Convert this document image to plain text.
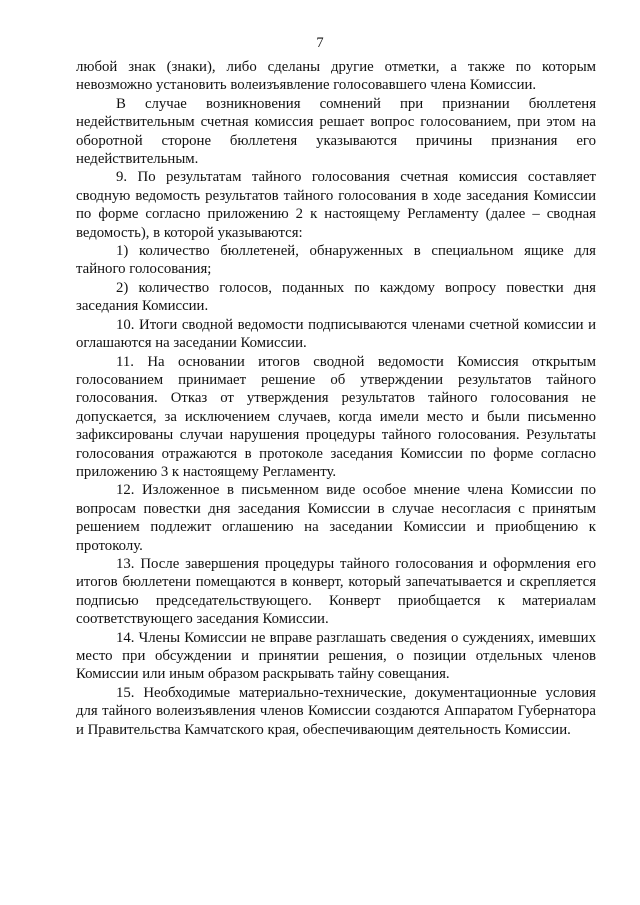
7

любой знак (знаки), либо сделаны другие отметки, а также по которым невозможно установить волеизъявление голосовавшего члена Комиссии.

В случае возникновения сомнений при признании бюллетеня недействительным счетная комиссия решает вопрос голосованием, при этом на оборотной стороне бюллетеня указываются причины признания его недействительным.

9. По результатам тайного голосования счетная комиссия составляет сводную ведомость результатов тайного голосования в ходе заседания Комиссии по форме согласно приложению 2 к настоящему Регламенту (далее – сводная ведомость), в которой указываются:

1) количество бюллетеней, обнаруженных в специальном ящике для тайного голосования;

2) количество голосов, поданных по каждому вопросу повестки дня заседания Комиссии.

10. Итоги сводной ведомости подписываются членами счетной комиссии и оглашаются на заседании Комиссии.

11. На основании итогов сводной ведомости Комиссия открытым голосованием принимает решение об утверждении результатов тайного голосования. Отказ от утверждения результатов тайного голосования не допускается, за исключением случаев, когда имели место и были письменно зафиксированы случаи нарушения процедуры тайного голосования. Результаты голосования отражаются в протоколе заседания Комиссии по форме согласно приложению 3 к настоящему Регламенту.

12. Изложенное в письменном виде особое мнение члена Комиссии по вопросам повестки дня заседания Комиссии в случае несогласия с принятым решением подлежит оглашению на заседании Комиссии и приобщению к протоколу.

13. После завершения процедуры тайного голосования и оформления его итогов бюллетени помещаются в конверт, который запечатывается и скрепляется подписью председательствующего. Конверт приобщается к материалам соответствующего заседания Комиссии.

14. Члены Комиссии не вправе разглашать сведения о суждениях, имевших место при обсуждении и принятии решения, о позиции отдельных членов Комиссии или иным образом раскрывать тайну совещания.

15. Необходимые материально-технические, документационные условия для тайного волеизъявления членов Комиссии создаются Аппаратом Губернатора и Правительства Камчатского края, обеспечивающим деятельность Комиссии.
